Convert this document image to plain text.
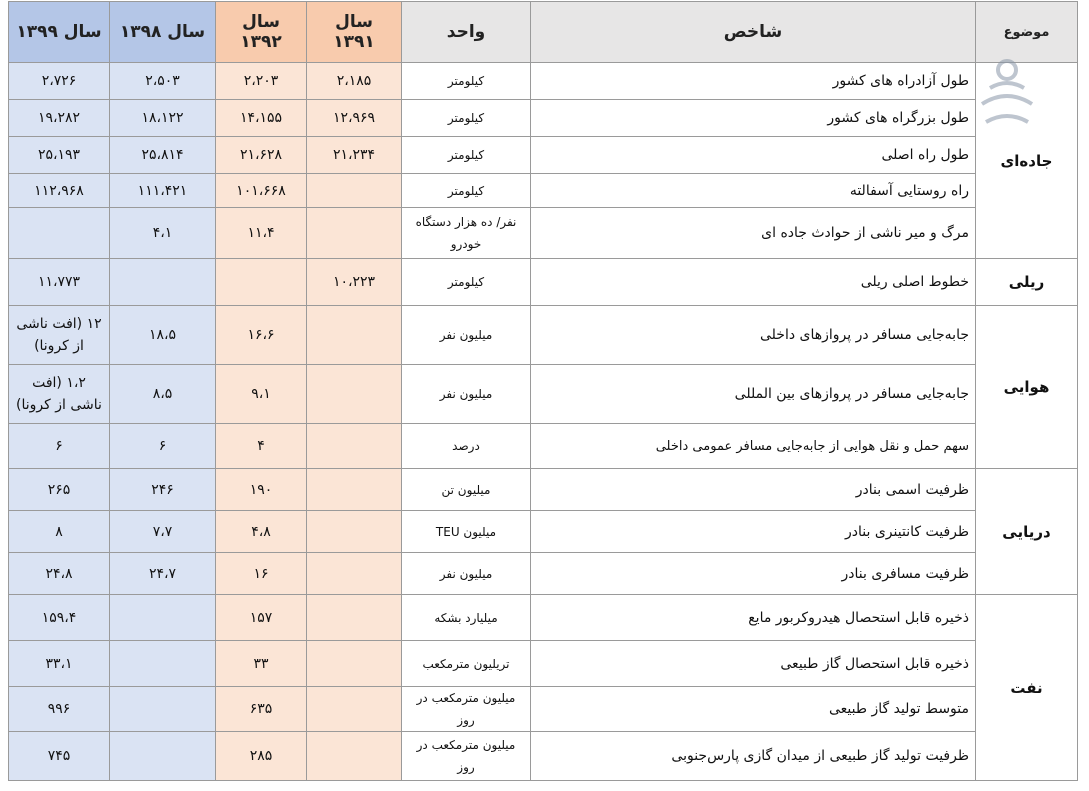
سال ۱۳۹۹	سال ۱۳۹۸	سال ۱۳۹۲	سال ۱۳۹۱	واحد	شاخص	موضوع
۲،۷۲۶	۲،۵۰۳	۲،۲۰۳	۲،۱۸۵	کیلومتر	طول آزادراه های کشور	جاده‌ای
۱۹،۲۸۲	۱۸،۱۲۲	۱۴،۱۵۵	۱۲،۹۶۹	کیلومتر	طول بزرگراه های کشور	
۲۵،۱۹۳	۲۵،۸۱۴	۲۱،۶۲۸	۲۱،۲۳۴	کیلومتر	طول راه اصلی	
۱۱۲،۹۶۸	۱۱۱،۴۲۱	۱۰۱،۶۶۸		کیلومتر	راه روستایی آسفالته	
	۴،۱	۱۱،۴		نفر/ ده هزار دستگاه خودرو	مرگ و میر ناشی از حوادث جاده ای	
۱۱،۷۷۳			۱۰،۲۲۳	کیلومتر	خطوط اصلی ریلی	ریلی
۱۲ (افت ناشی از کرونا)	۱۸،۵	۱۶،۶		میلیون نفر	جابه‌جایی مسافر در پروازهای داخلی	هوایی
۱،۲ (افت ناشی از کرونا)	۸،۵	۹،۱		میلیون نفر	جابه‌جایی مسافر در پروازهای بین المللی	
۶	۶	۴		درصد	سهم حمل و نقل هوایی از جابه‌جایی مسافر عمومی داخلی	
۲۶۵	۲۴۶	۱۹۰		میلیون تن	ظرفیت اسمی بنادر	دریایی
۸	۷،۷	۴،۸		میلیون TEU	ظرفیت کانتینری بنادر	
۲۴،۸	۲۴،۷	۱۶		میلیون نفر	ظرفیت مسافری بنادر	
۱۵۹،۴		۱۵۷		میلیارد بشکه	ذخیره قابل استحصال هیدروکربور مایع	نفت
۳۳،۱		۳۳		تریلیون مترمکعب	ذخیره قابل استحصال گاز طبیعی	
۹۹۶		۶۳۵		میلیون مترمکعب در روز	متوسط تولید گاز طبیعی	
۷۴۵		۲۸۵		میلیون مترمکعب در روز	ظرفیت تولید گاز طبیعی از میدان گازی پارس‌جنوبی	
